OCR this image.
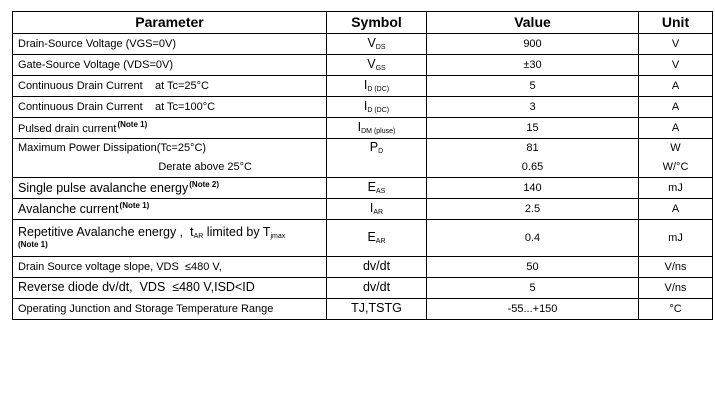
Parameter	Symbol	Value	Unit
Drain-Source Voltage (VGS=0V)	$V_{DS}$	900	V
Gate-Source Voltage (VDS=0V)	$V_{GS}$	±30	V
Continuous Drain Current    at Tc=25°C	$I_{D (DC)}$	5	A
Continuous Drain Current    at Tc=100°C	$I_{D (DC)}$	3	A
Pulsed drain current$^{(Note 1)}$	$I_{DM (pluse)}$	15	A
Maximum Power Dissipation(Tc=25°C)	$P_D$	81	W

Derate above 25°C		0.65	W/°C
Single pulse avalanche energy$^{(Note 2)}$	$E_{AS}$	140	mJ
Avalanche current$^{(Note 1)}$	$I_{AR}$	2.5	A
Repetitive Avalanche energy ,  $t_{AR}$ limited by $T_{jmax}$
(Note 1)	$E_{AR}$	0.4	mJ
Drain Source voltage slope, VDS  ≤480 V,	dv/dt	50	V/ns
Reverse diode dv/dt,  VDS  ≤480 V,ISD<ID	dv/dt	5	V/ns
Operating Junction and Storage Temperature Range	TJ,TSTG	-55...+150	°C
